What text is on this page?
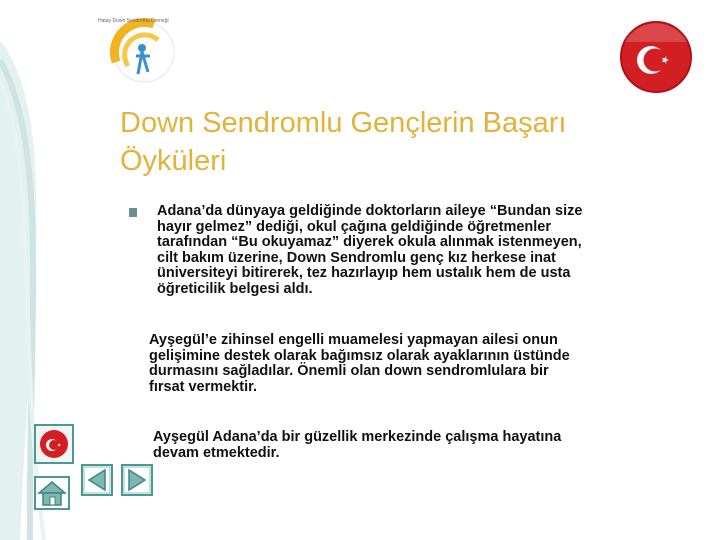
Hatay Down Sendromu Derneği
Down Sendromlu Gençlerin Başarı
Öyküleri
Adana’da dünyaya geldiğinde doktorların aileye “Bundan size
hayır gelmez” dediği, okul çağına geldiğinde öğretmenler
tarafından “Bu okuyamaz” diyerek okula alınmak istenmeyen,
cilt bakım üzerine, Down Sendromlu genç kız herkese inat
üniversiteyi bitirerek, tez hazırlayıp hem ustalık hem de usta
öğreticilik belgesi aldı.
Ayşegül’e zihinsel engelli muamelesi yapmayan ailesi onun
gelişimine destek olarak bağımsız olarak ayaklarının üstünde
durmasını sağladılar. Önemli olan down sendromlulara bir
fırsat vermektir.
Ayşegül Adana’da bir güzellik merkezinde çalışma hayatına
devam etmektedir.
